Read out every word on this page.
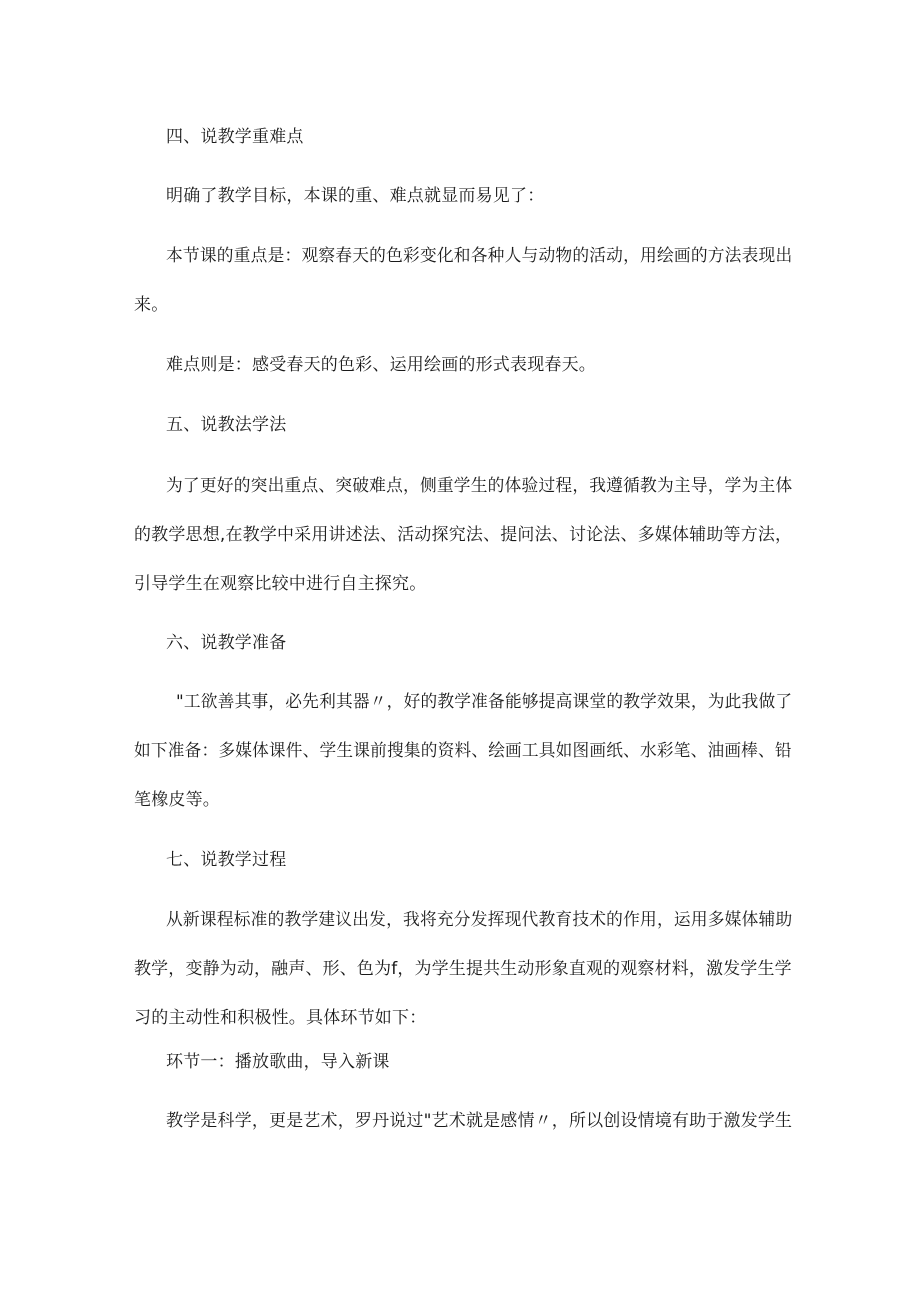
四、说教学重难点
明确了教学目标，本课的重、难点就显而易见了：
本节课的重点是：观察春天的色彩变化和各种人与动物的活动，用绘画的方法表现出
来。
难点则是：感受春天的色彩、运用绘画的形式表现春天。
五、说教法学法
为了更好的突出重点、突破难点，侧重学生的体验过程，我遵循教为主导，学为主体
的教学思想,在教学中采用讲述法、活动探究法、提问法、讨论法、多媒体辅助等方法，
引导学生在观察比较中进行自主探究。
六、说教学准备
"工欲善其事，必先利其器〃，好的教学准备能够提高课堂的教学效果，为此我做了
如下准备：多媒体课件、学生课前搜集的资料、绘画工具如图画纸、水彩笔、油画棒、铅
笔橡皮等。
七、说教学过程
从新课程标准的教学建议出发，我将充分发挥现代教育技术的作用，运用多媒体辅助
教学，变静为动，融声、形、色为f，为学生提共生动形象直观的观察材料，激发学生学
习的主动性和积极性。具体环节如下：
环节一：播放歌曲，导入新课
教学是科学，更是艺术，罗丹说过"艺术就是感情〃，所以创设情境有助于激发学生
